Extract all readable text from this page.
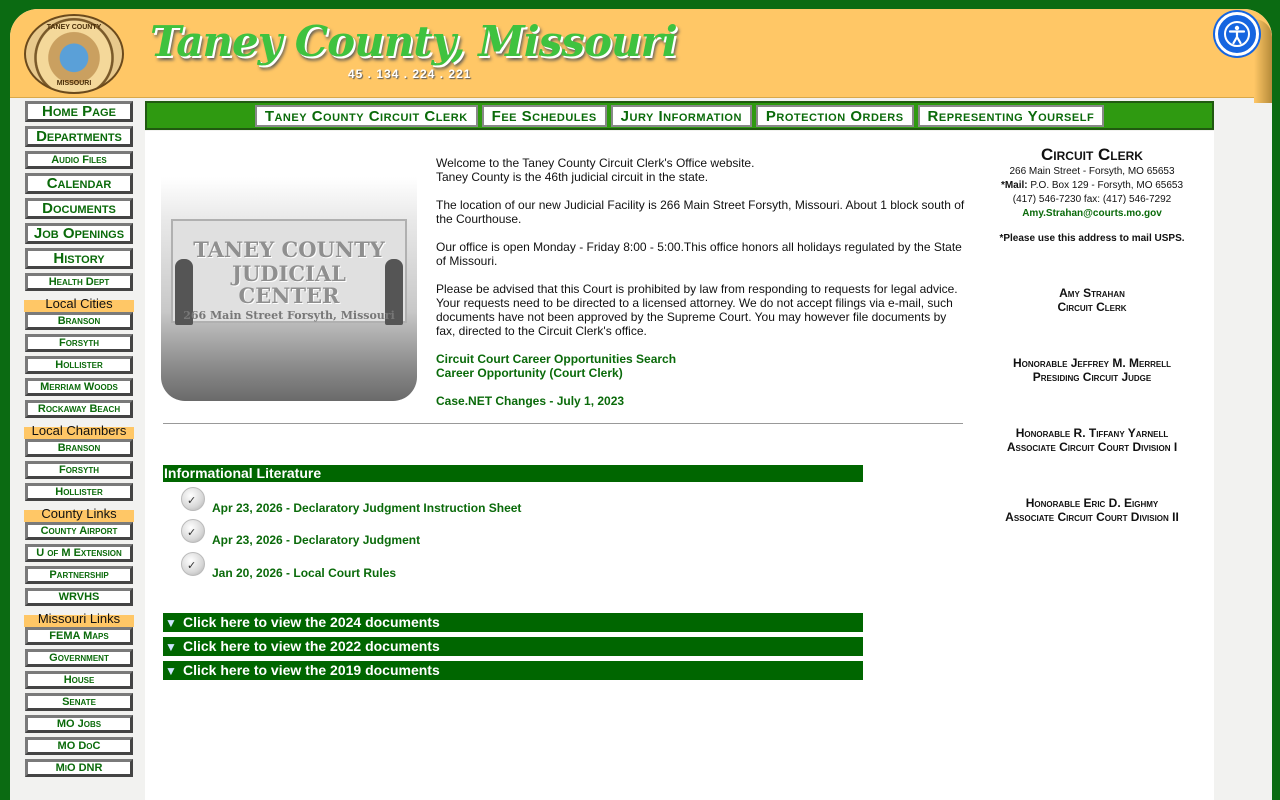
TANEY COUNTY
MISSOURI
Taney County, Missouri
45 . 134 . 224 . 221
Home Page
Departments
Audio Files
Calendar
Documents
Job Openings
History
Health Dept
Local Cities
Branson
Forsyth
Hollister
Merriam Woods
Rockaway Beach
Local Chambers
Branson
Forsyth
Hollister
County Links
County Airport
U of M Extension
Partnership
WRVHS
Missouri Links
FEMA Maps
Government
House
Senate
MO Jobs
MO DoC
MiO DNR
Taney County Circuit Clerk	Fee Schedules	Jury Information	Protection Orders	Representing Yourself
TANEY COUNTY
JUDICIAL
CENTER
266 Main Street Forsyth, Missouri

Welcome to the Taney County Circuit Clerk's Office website.
Taney County is the 46th judicial circuit in the state.

The location of our new Judicial Facility is 266 Main Street Forsyth, Missouri. About 1 block south of the Courthouse.

Our office is open Monday - Friday 8:00 - 5:00.This office honors all holidays regulated by the State of Missouri.

Please be advised that this Court is prohibited by law from responding to requests for legal advice. Your requests need to be directed to a licensed attorney. We do not accept filings via e-mail, such documents have not been approved by the Supreme Court. You may however file documents by fax, directed to the Circuit Clerk's office.

Circuit Court Career Opportunities Search
Career Opportunity (Court Clerk)
Case.NET Changes - July 1, 2023
Informational Literature
✓ Apr 23, 2026 - Declaratory Judgment Instruction Sheet
✓ Apr 23, 2026 - Declaratory Judgment
✓ Jan 20, 2026 - Local Court Rules
▼ Click here to view the 2024 documents
▼ Click here to view the 2022 documents
▼ Click here to view the 2019 documents
Circuit Clerk
266 Main Street - Forsyth, MO 65653
*Mail: P.O. Box 129 - Forsyth, MO 65653
(417) 546-7230 fax: (417) 546-7292
Amy.Strahan@courts.mo.gov
*Please use this address to mail USPS.
Amy Strahan
Circuit Clerk
Honorable Jeffrey M. Merrell
Presiding Circuit Judge
Honorable R. Tiffany Yarnell
Associate Circuit Court Division I
Honorable Eric D. Eighmy
Associate Circuit Court Division II
